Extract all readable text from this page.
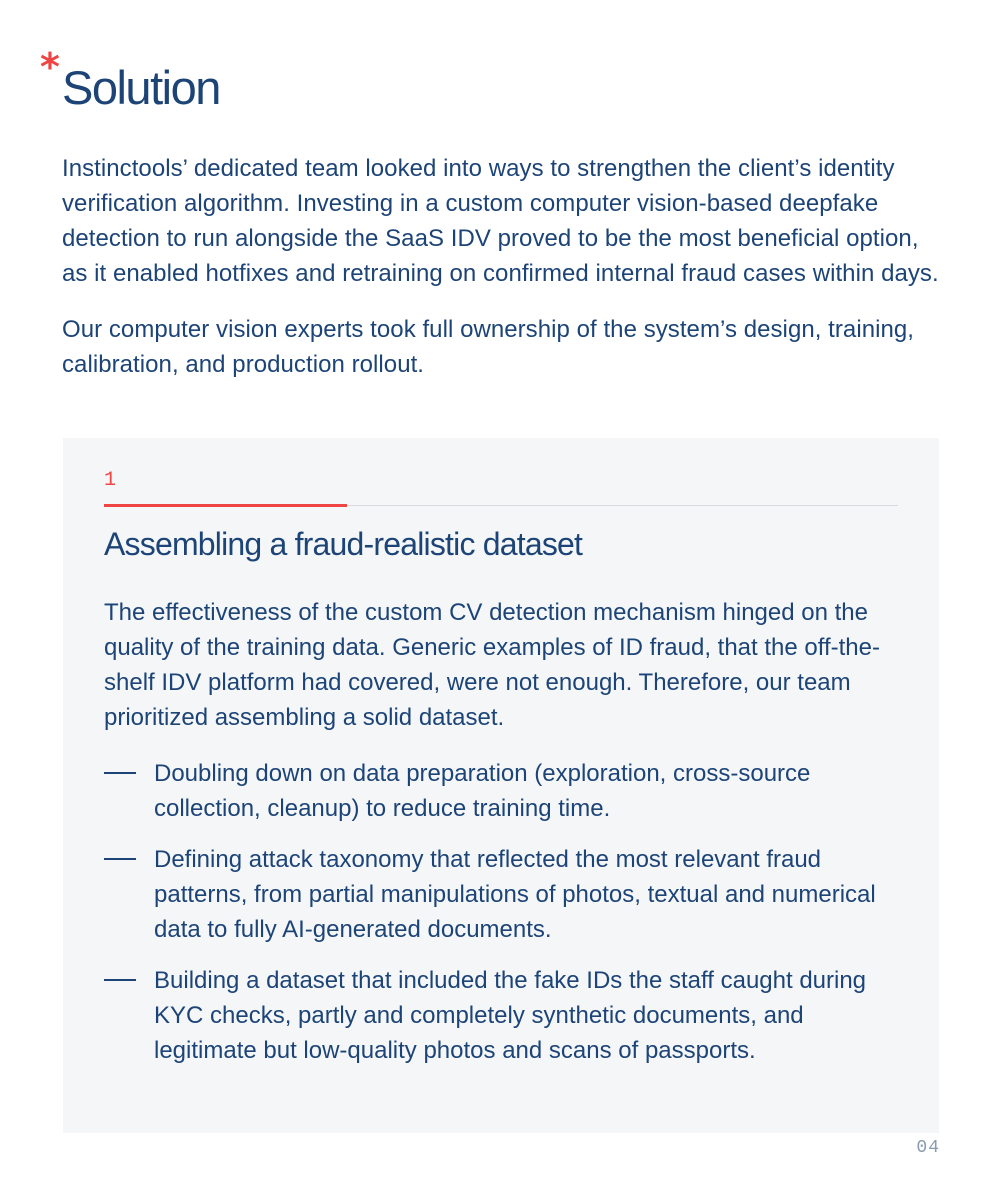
* Solution

Instinctools’ dedicated team looked into ways to strengthen the client’s identity verification algorithm. Investing in a custom computer vision-based deepfake detection to run alongside the SaaS IDV proved to be the most beneficial option, as it enabled hotfixes and retraining on confirmed internal fraud cases within days.

Our computer vision experts took full ownership of the system’s design, training, calibration, and production rollout.

1
Assembling a fraud-realistic dataset

The effectiveness of the custom CV detection mechanism hinged on the quality of the training data. Generic examples of ID fraud, that the off-the-shelf IDV platform had covered, were not enough. Therefore, our team prioritized assembling a solid dataset.

Doubling down on data preparation (exploration, cross-source collection, cleanup) to reduce training time.
Defining attack taxonomy that reflected the most relevant fraud patterns, from partial manipulations of photos, textual and numerical data to fully AI-generated documents.
Building a dataset that included the fake IDs the staff caught during KYC checks, partly and completely synthetic documents, and legitimate but low-quality photos and scans of passports.
04
